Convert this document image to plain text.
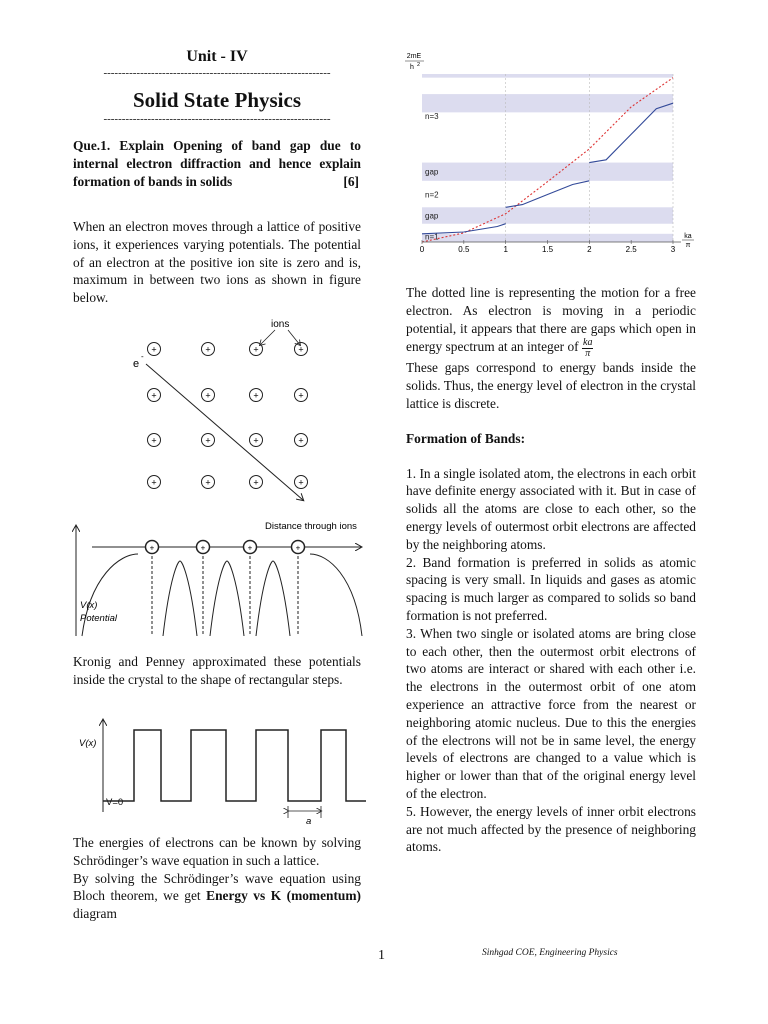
Unit - IV
--------------------------------------------------------------
Solid State Physics
--------------------------------------------------------------
Que.1. Explain Opening of band gap due to internal electron diffraction and hence explain formation of bands in solids	[6]

When an electron moves through a lattice of positive ions, it experiences varying potentials. The potential of an electron at the positive ion site is zero and is, maximum in between two ions as shown in figure below.

ions
e
-
+	+	+	+
+	+	+	+
+	+	+	+
+	+	+	+
Distance through ions
+	+	+	+
V(x)
Potential

Kronig and Penney approximated these potentials inside the crystal to the shape of rectangular steps.

V(x)
V=0
a

The energies of electrons can be known by solving Schrödinger’s wave equation in such a lattice.

By solving the Schrödinger’s wave equation using Bloch theorem, we get Energy vs K (momentum) diagram

2mE
h 2
n=1
gap
n=2
gap
n=3
0	0.5	1	1.5	2	2.5	3
ka
π

The dotted line is representing the motion for a free electron. As electron is moving in a periodic potential, it appears that there are gaps which open in energy spectrum at an integer of $\frac{ka}{\pi}$

These gaps correspond to energy bands inside the solids. Thus, the energy level of electron in the crystal lattice is discrete.

Formation of Bands:

1. In a single isolated atom, the electrons in each orbit have definite energy associated with it. But in case of solids all the atoms are close to each other, so the energy levels of outermost orbit electrons are affected by the neighboring atoms.

2. Band formation is preferred in solids as atomic spacing is very small. In liquids and gases as atomic spacing is much larger as compared to solids so band formation is not preferred.

3. When two single or isolated atoms are bring close to each other, then the outermost orbit electrons of two atoms are interact or shared with each other i.e. the electrons in the outermost orbit of one atom experience an attractive force from the nearest or neighboring atomic nucleus. Due to this the energies of the electrons will not be in same level, the energy levels of electrons are changed to a value which is higher or lower than that of the original energy level of the electron.

5. However, the energy levels of inner orbit electrons are not much affected by the presence of neighboring atoms.

1	Sinhgad COE, Engineering Physics
